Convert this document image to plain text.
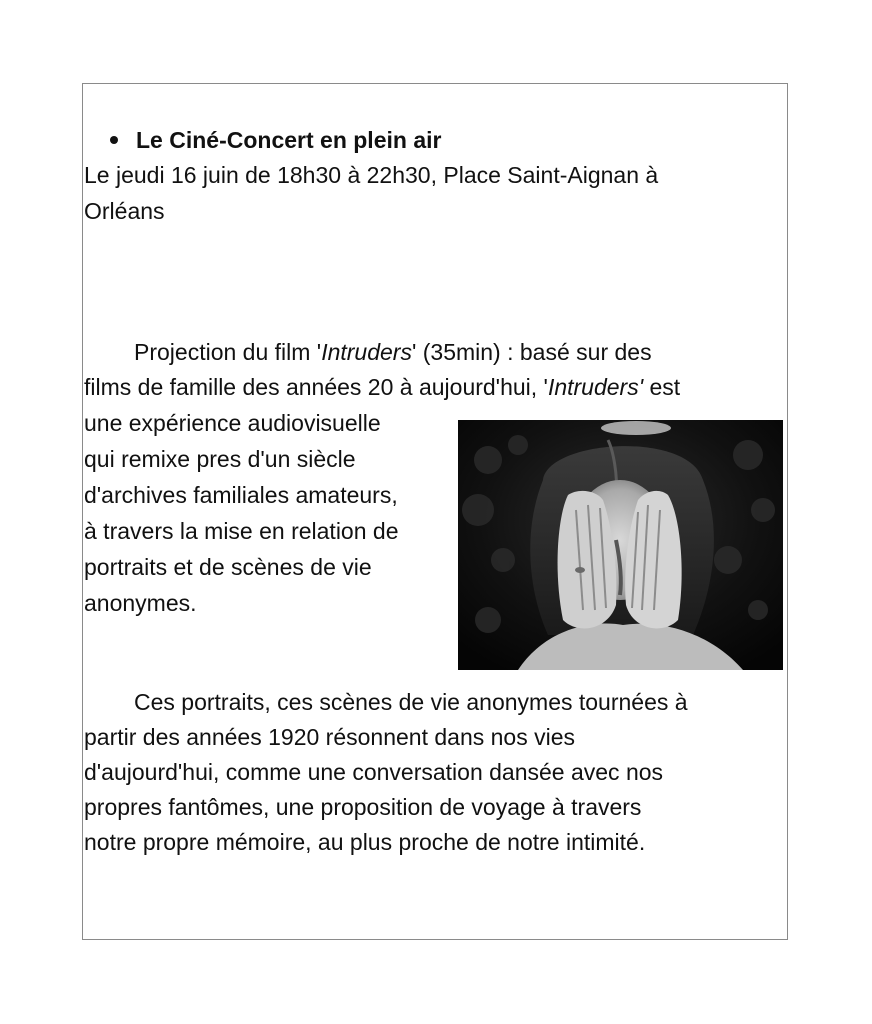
Le Ciné-Concert en plein air
Le jeudi 16 juin de 18h30 à 22h30, Place Saint-Aignan à
Orléans
Projection du film 'Intruders' (35min) : basé sur des
films de famille des années 20 à aujourd'hui, 'Intruders' est
une expérience audiovisuelle
qui remixe pres d'un siècle
d'archives familiales amateurs,
à travers la mise en relation de
portraits et de scènes de vie
anonymes.
Ces portraits, ces scènes de vie anonymes tournées à
partir des années 1920 résonnent dans nos vies
d'aujourd'hui, comme une conversation dansée avec nos
propres fantômes, une proposition de voyage à travers
notre propre mémoire, au plus proche de notre intimité.
